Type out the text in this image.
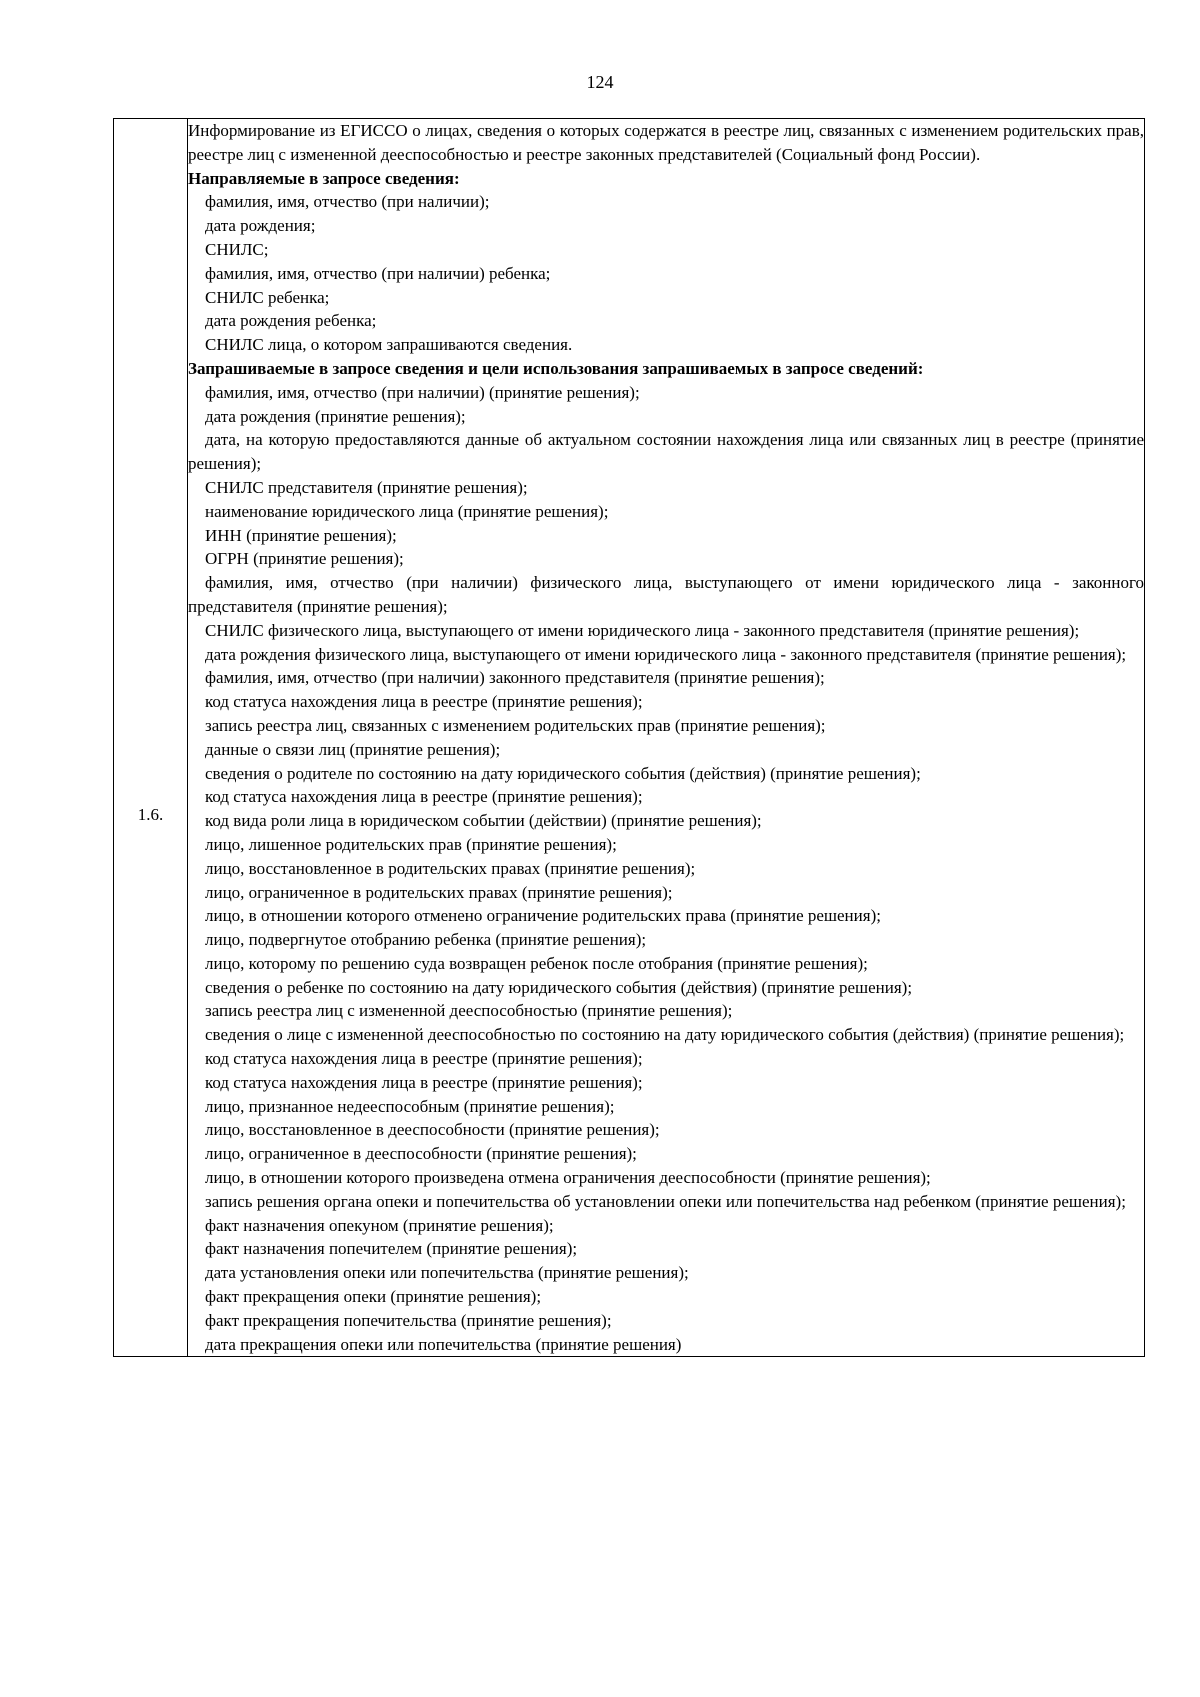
124
1.6.

Информирование из ЕГИССО о лицах, сведения о которых содержатся в реестре лиц, связанных с изменением родительских прав, реестре лиц с измененной дееспособностью и реестре законных представителей (Социальный фонд России).

Направляемые в запросе сведения:

фамилия, имя, отчество (при наличии);

дата рождения;

СНИЛС;

фамилия, имя, отчество (при наличии) ребенка;

СНИЛС ребенка;

дата рождения ребенка;

СНИЛС лица, о котором запрашиваются сведения.

Запрашиваемые в запросе сведения и цели использования запрашиваемых в запросе сведений:

фамилия, имя, отчество (при наличии) (принятие решения);

дата рождения (принятие решения);

дата, на которую предоставляются данные об актуальном состоянии нахождения лица или связанных лиц в реестре (принятие решения);

СНИЛС представителя (принятие решения);

наименование юридического лица (принятие решения);

ИНН (принятие решения);

ОГРН (принятие решения);

фамилия, имя, отчество (при наличии) физического лица, выступающего от имени юридического лица - законного представителя (принятие решения);

СНИЛС физического лица, выступающего от имени юридического лица - законного представителя (принятие решения);

дата рождения физического лица, выступающего от имени юридического лица - законного представителя (принятие решения);

фамилия, имя, отчество (при наличии) законного представителя (принятие решения);

код статуса нахождения лица в реестре (принятие решения);

запись реестра лиц, связанных с изменением родительских прав (принятие решения);

данные о связи лиц (принятие решения);

сведения о родителе по состоянию на дату юридического события (действия) (принятие решения);

код статуса нахождения лица в реестре (принятие решения);

код вида роли лица в юридическом событии (действии) (принятие решения);

лицо, лишенное родительских прав (принятие решения);

лицо, восстановленное в родительских правах (принятие решения);

лицо, ограниченное в родительских правах (принятие решения);

лицо, в отношении которого отменено ограничение родительских права (принятие решения);

лицо, подвергнутое отобранию ребенка (принятие решения);

лицо, которому по решению суда возвращен ребенок после отобрания (принятие решения);

сведения о ребенке по состоянию на дату юридического события (действия) (принятие решения);

запись реестра лиц с измененной дееспособностью (принятие решения);

сведения о лице с измененной дееспособностью по состоянию на дату юридического события (действия) (принятие решения);

код статуса нахождения лица в реестре (принятие решения);

код статуса нахождения лица в реестре (принятие решения);

лицо, признанное недееспособным (принятие решения);

лицо, восстановленное в дееспособности (принятие решения);

лицо, ограниченное в дееспособности (принятие решения);

лицо, в отношении которого произведена отмена ограничения дееспособности (принятие решения);

запись решения органа опеки и попечительства об установлении опеки или попечительства над ребенком (принятие решения);

факт назначения опекуном (принятие решения);

факт назначения попечителем (принятие решения);

дата установления опеки или попечительства (принятие решения);

факт прекращения опеки (принятие решения);

факт прекращения попечительства (принятие решения);

дата прекращения опеки или попечительства (принятие решения)
